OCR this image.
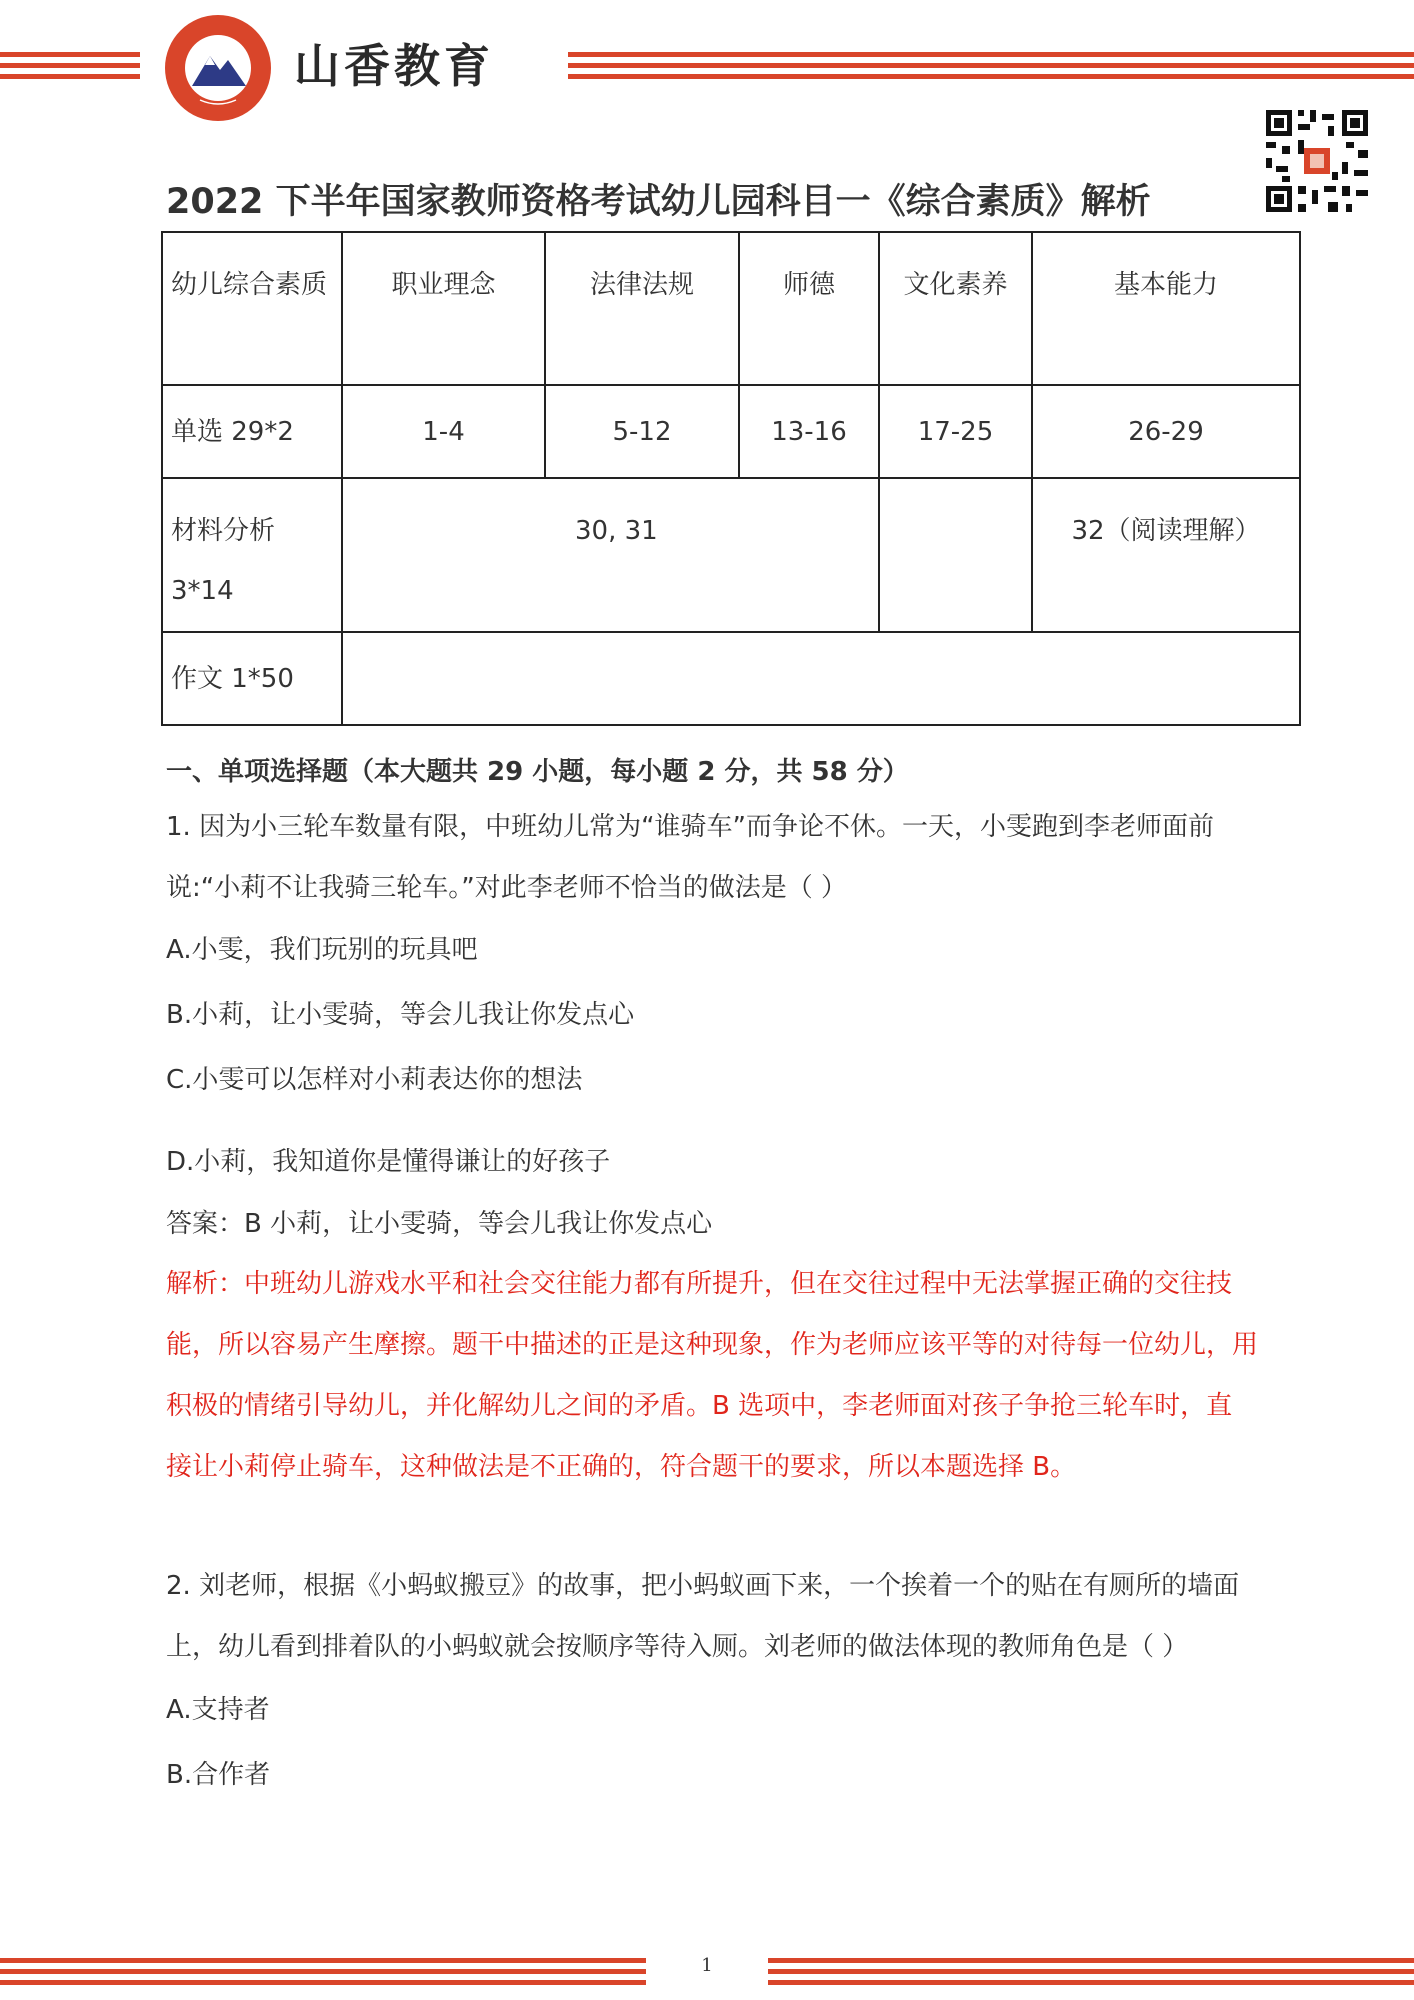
山香教育
2022 下半年国家教师资格考试幼儿园科目一《综合素质》解析
幼儿综合素质	职业理念	法律法规	师德	文化素养	基本能力
单选 29*2	1-4	5-12	13-16	17-25	26-29
材料分析 3*14	30, 31				32（阅读理解）
作文 1*50					
一、单项选择题（本大题共 29 小题，每小题 2 分，共 58 分）
1. 因为小三轮车数量有限，中班幼儿常为“谁骑车”而争论不休。一天，小雯跑到李老师面前说:“小莉不让我骑三轮车。”对此李老师不恰当的做法是（ ）
A.小雯，我们玩别的玩具吧
B.小莉，让小雯骑，等会儿我让你发点心
C.小雯可以怎样对小莉表达你的想法
D.小莉，我知道你是懂得谦让的好孩子
答案：B 小莉，让小雯骑，等会儿我让你发点心
解析：中班幼儿游戏水平和社会交往能力都有所提升，但在交往过程中无法掌握正确的交往技能，所以容易产生摩擦。题干中描述的正是这种现象，作为老师应该平等的对待每一位幼儿，用积极的情绪引导幼儿，并化解幼儿之间的矛盾。B 选项中，李老师面对孩子争抢三轮车时，直接让小莉停止骑车，这种做法是不正确的，符合题干的要求，所以本题选择 B。
2. 刘老师，根据《小蚂蚁搬豆》的故事，把小蚂蚁画下来，一个挨着一个的贴在有厕所的墙面上，幼儿看到排着队的小蚂蚁就会按顺序等待入厕。刘老师的做法体现的教师角色是（ ）
A.支持者
B.合作者
1
